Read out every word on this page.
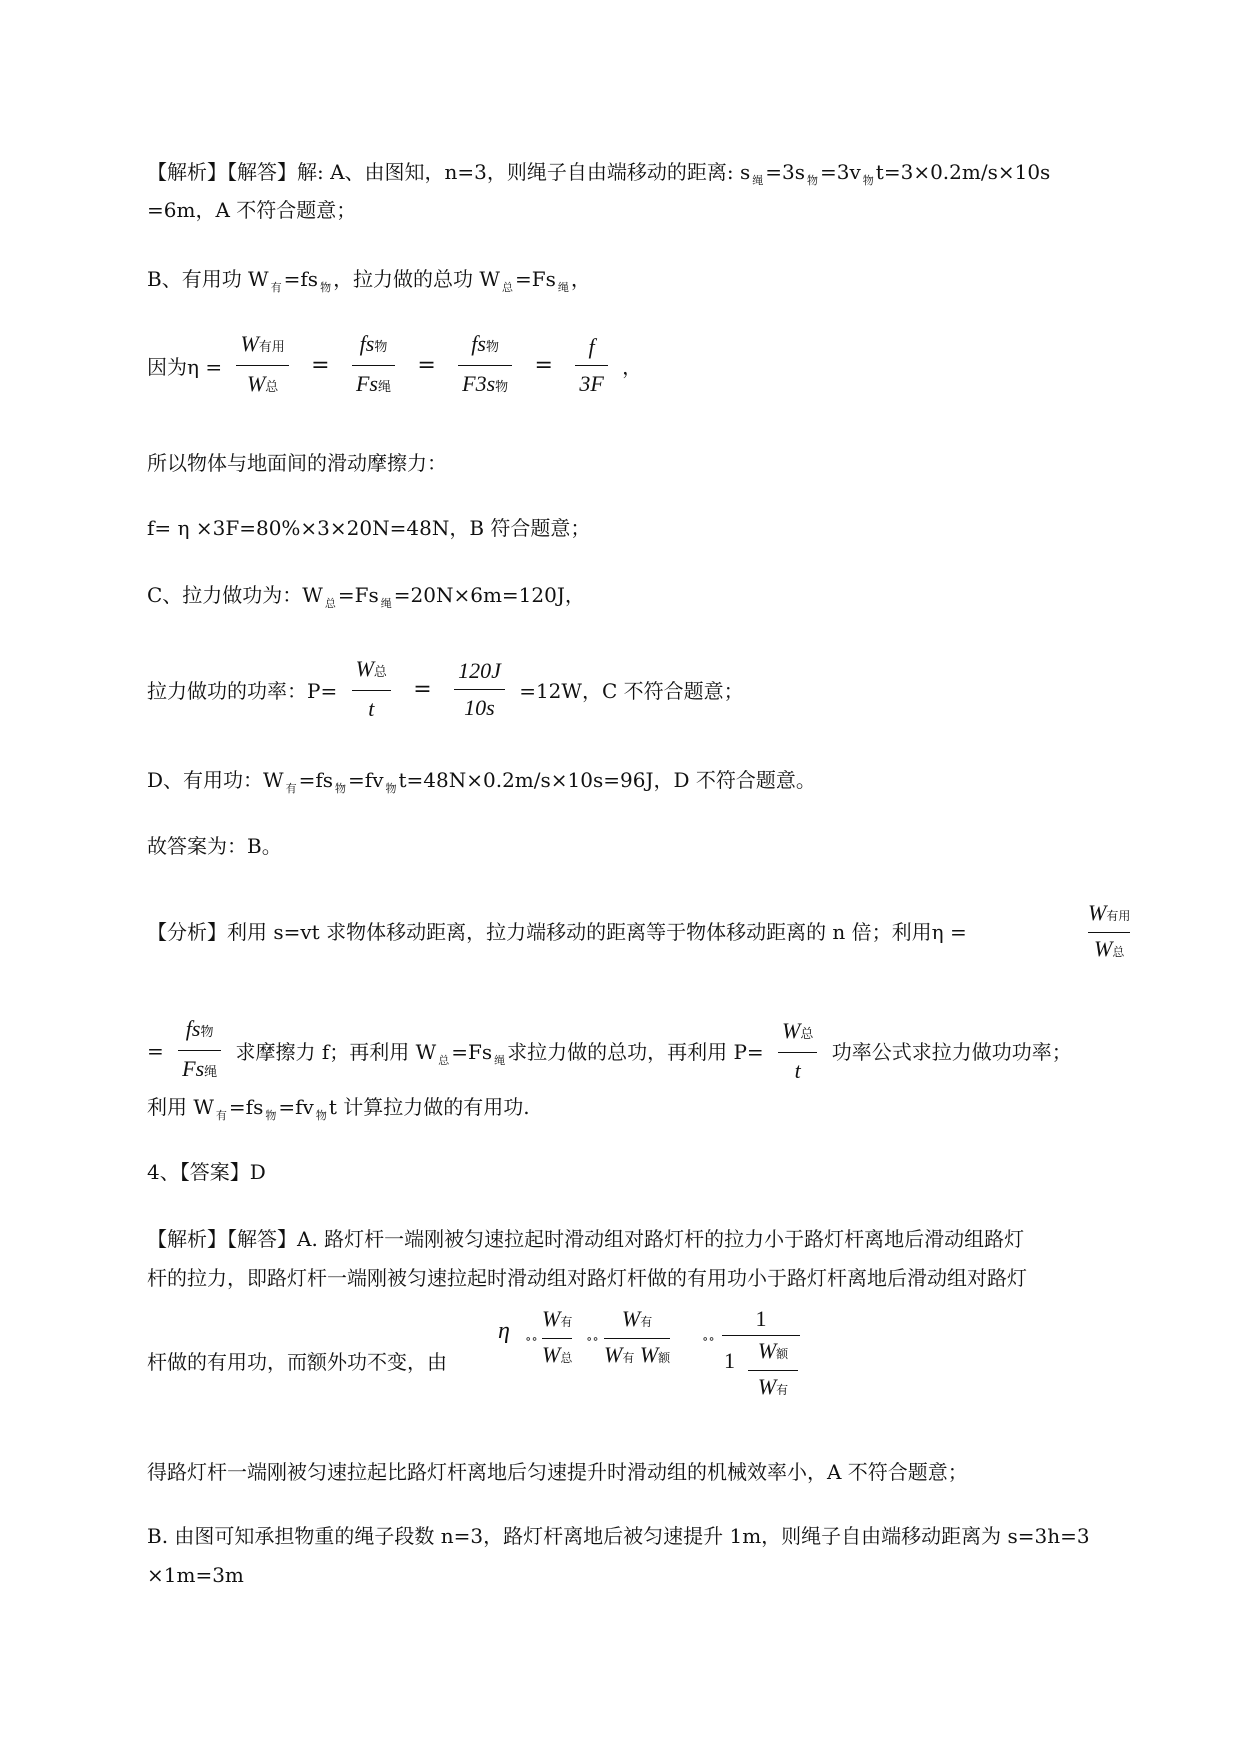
【解析】【解答】解: A、由图知，n=3，则绳子自由端移动的距离: s $_绳$ =3s $_物$ =3v $_物$ t=3×0.2m/s×10s
=6m，A 不符合题意；
B、有用功 W $_有$ =fs $_物$ ，拉力做的总功 W $_总$ =Fs $_绳$ ，
因为η =
W有用
W总
=
fs物
Fs绳
=
fs物
F3s物
= $\frac{f}{3F}$ ，
所以物体与地面间的滑动摩擦力：
f= η ×3F=80%×3×20N=48N，B 符合题意；
C、拉力做功为：W $_总$ =Fs $_绳$ =20N×6m=120J，
拉力做功的功率：P=
W总
t
= $\frac{120J}{10s} =12W$，C 不符合题意；
D、有用功：W $_有$ =fs $_物$ =fv $_物$ t=48N×0.2m/s×10s=96J，D 不符合题意。
故答案为：B。
【分析】利用 s=vt 求物体移动距离，拉力端移动的距离等于物体移动距离的 n 倍；利用η =
W有用
W总
=
fs物
Fs绳
求摩擦力 f；再利用 W $_总$ =Fs $_绳$ 求拉力做的总功，再利用 P=
W总
t
功率公式求拉力做功功率；
利用 W $_有$ =fs $_物$ =fv $_物$ t 计算拉力做的有用功.
4、【答案】D
【解析】【解答】A. 路灯杆一端刚被匀速拉起时滑动组对路灯杆的拉力小于路灯杆离地后滑动组路灯
杆的拉力，即路灯杆一端刚被匀速拉起时滑动组对路灯杆做的有用功小于路灯杆离地后滑动组对路灯
杆做的有用功，而额外功不变，由
η ∘∘
W有
W总
∘∘
W有
W有 W额
∘∘
1
1	W额
W有
得路灯杆一端刚被匀速拉起比路灯杆离地后匀速提升时滑动组的机械效率小，A 不符合题意；
B. 由图可知承担物重的绳子段数 n=3，路灯杆离地后被匀速提升 1m，则绳子自由端移动距离为 s=3h=3
×1m=3m
